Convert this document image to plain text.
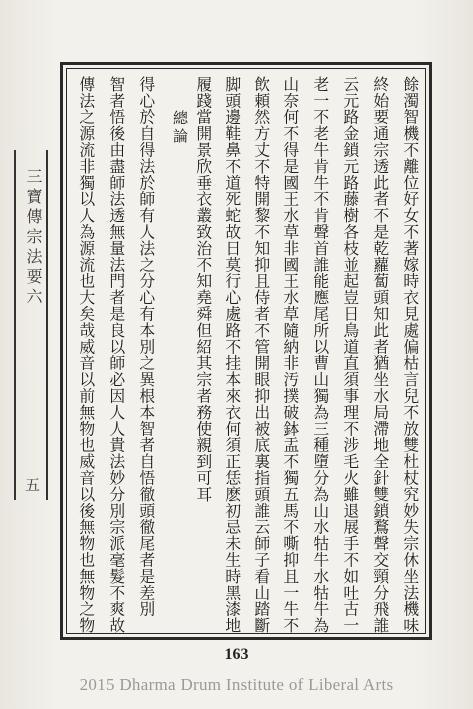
三寶傳宗法要六
五	餘濁智機不離位好女不著嫁時衣見處偏枯言兒不放雙杜杖究妙失宗休坐法機味
終始要通宗透此者不是乾蘿蔔頭知此者猶坐水局滯地全針雙鎖鶩聲交頸分飛誰
云元路金鎖元路藤樹各枝並起豈日鳥道直須事理不涉毛火雖退展手不如吐古一
老一不老牛肯牛不肯聲首誰能應尾所以曹山獨為三種墮分為山水牯牛水牯牛為
山奈何不得是國王水草非國王水草隨納非汚撲破鉢盂不獨五馬不嘶抑且一牛不
飲頼然方丈不特開黎不知抑且侍者不管開眼抑出被底裏指頭誰云師子看山踏斷
脚頭邊鞋鼻不道死蛇故日莫行心處路不挂本來衣何須正恁麽初忌未生時黑漆地
履踐當開景欣垂衣叢致治不知堯舜但紹其宗者務使親到可耳
總論
得心於自得法於師有人法之分心有本別之異根本智者自悟徹頭徹尾者是差別
智者悟後由盡師法透無量法門者是良以師必因人人貴法妙分別宗派毫髮不爽故
傳法之源流非獨以人為源流也大矣哉威音以前無物也威音以後無物也無物之物
163
2015 Dharma Drum Institute of Liberal Arts
